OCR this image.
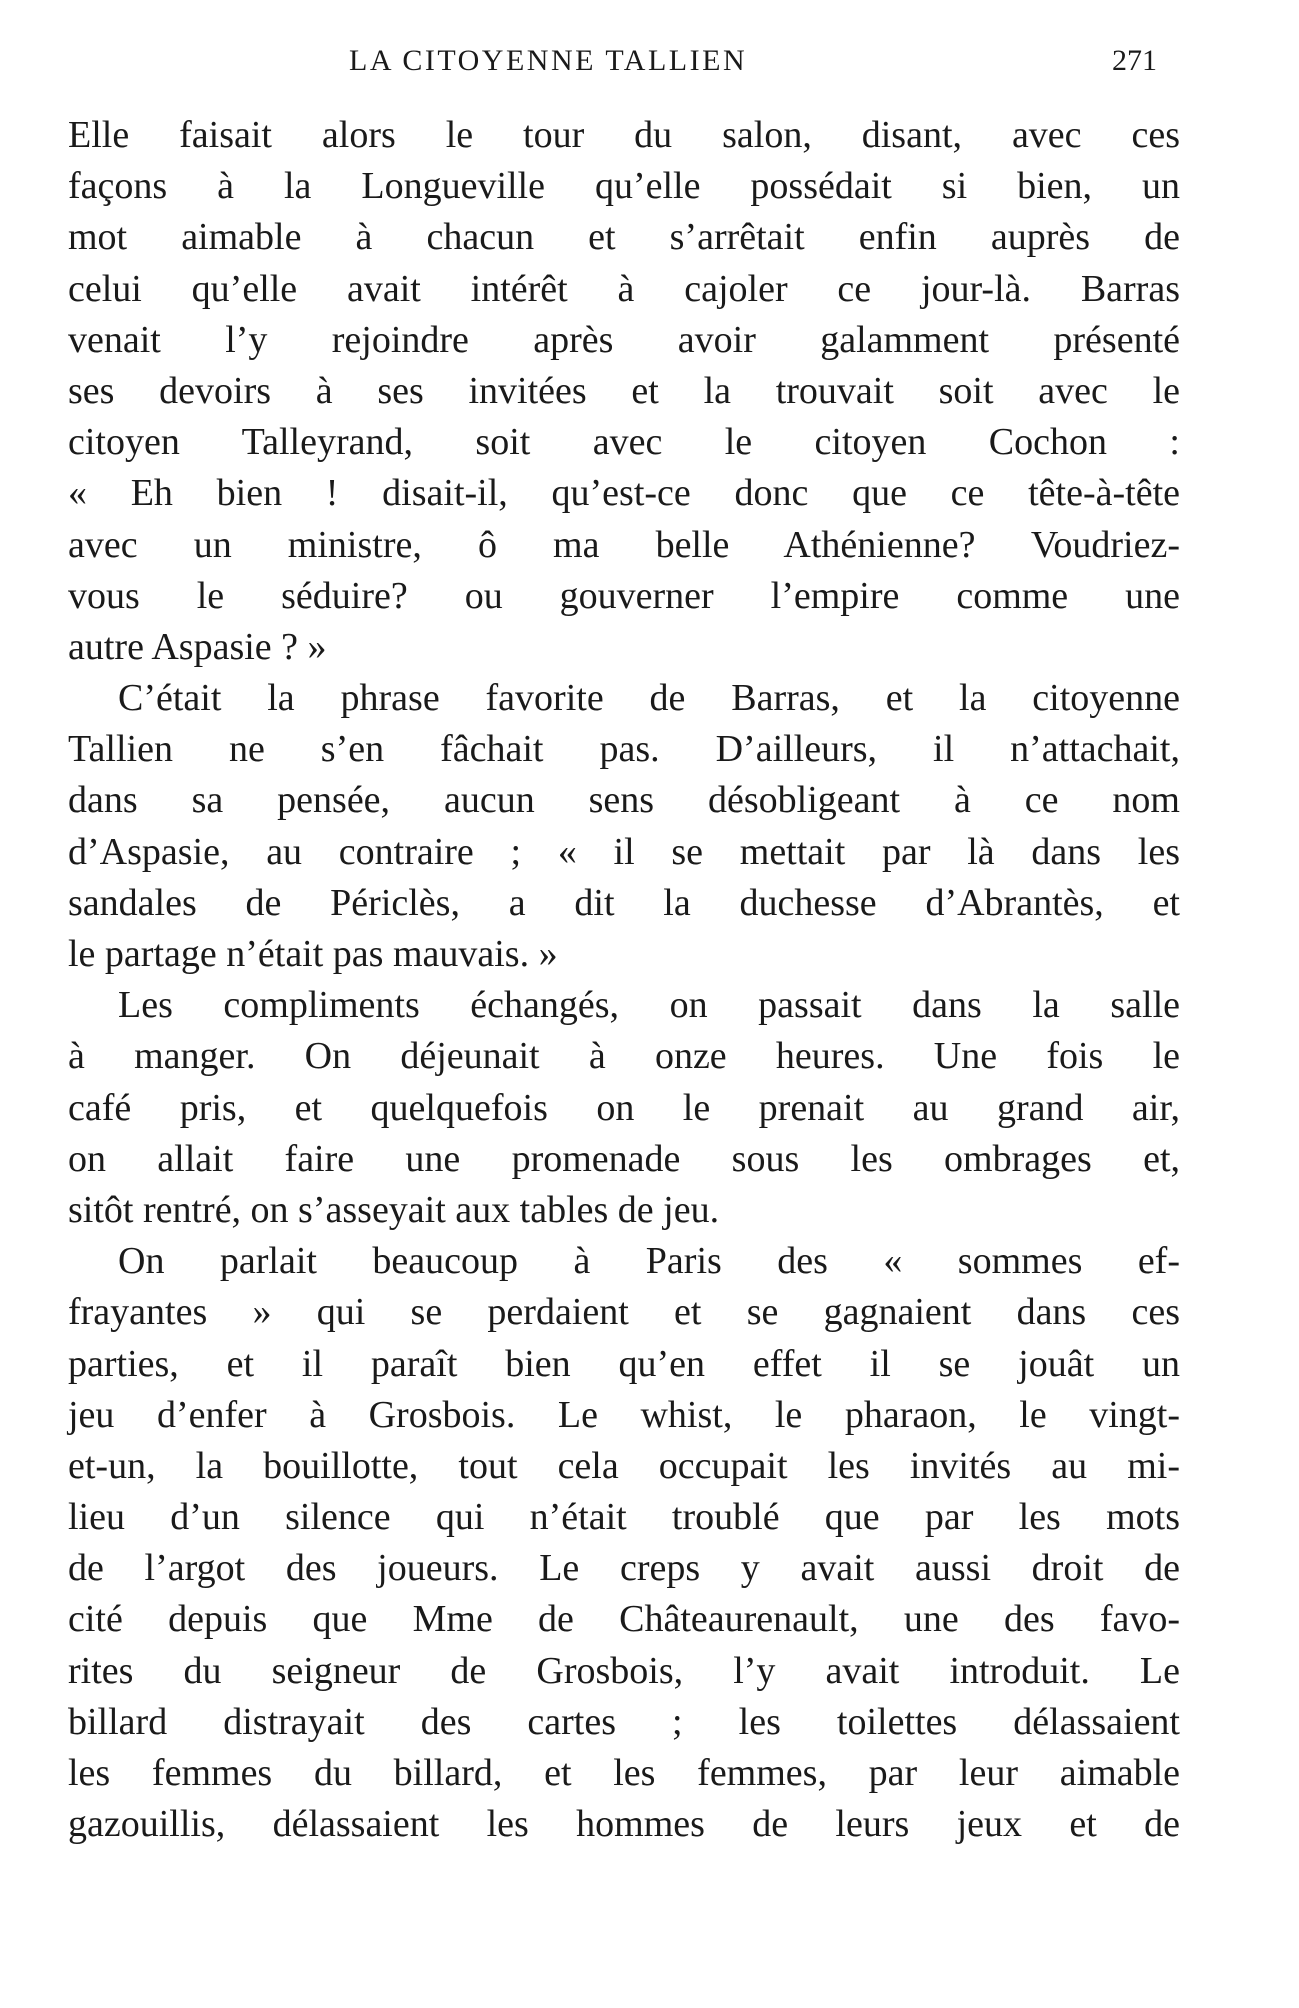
LA CITOYENNE TALLIEN	271
Elle faisait alors le tour du salon, disant, avec ces
façons à la Longueville qu’elle possédait si bien, un
mot aimable à chacun et s’arrêtait enfin auprès de
celui qu’elle avait intérêt à cajoler ce jour-là. Barras
venait l’y rejoindre après avoir galamment présenté
ses devoirs à ses invitées et la trouvait soit avec le
citoyen Talleyrand, soit avec le citoyen Cochon :
« Eh bien ! disait-il, qu’est-ce donc que ce tête-à-tête
avec un ministre, ô ma belle Athénienne? Voudriez-
vous le séduire? ou gouverner l’empire comme une
autre Aspasie ? »
C’était la phrase favorite de Barras, et la citoyenne
Tallien ne s’en fâchait pas. D’ailleurs, il n’attachait,
dans sa pensée, aucun sens désobligeant à ce nom
d’Aspasie, au contraire ; « il se mettait par là dans les
sandales de Périclès, a dit la duchesse d’Abrantès, et
le partage n’était pas mauvais. »
Les compliments échangés, on passait dans la salle
à manger. On déjeunait à onze heures. Une fois le
café pris, et quelquefois on le prenait au grand air,
on allait faire une promenade sous les ombrages et,
sitôt rentré, on s’asseyait aux tables de jeu.
On parlait beaucoup à Paris des « sommes ef-
frayantes » qui se perdaient et se gagnaient dans ces
parties, et il paraît bien qu’en effet il se jouât un
jeu d’enfer à Grosbois. Le whist, le pharaon, le vingt-
et-un, la bouillotte, tout cela occupait les invités au mi-
lieu d’un silence qui n’était troublé que par les mots
de l’argot des joueurs. Le creps y avait aussi droit de
cité depuis que Mme de Châteaurenault, une des favo-
rites du seigneur de Grosbois, l’y avait introduit. Le
billard distrayait des cartes ; les toilettes délassaient
les femmes du billard, et les femmes, par leur aimable
gazouillis, délassaient les hommes de leurs jeux et de
